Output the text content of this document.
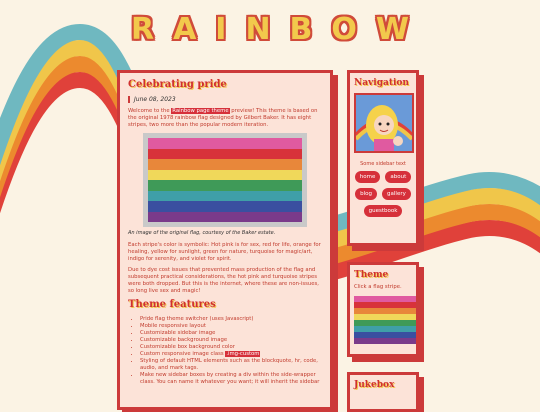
RAINBOW
Celebrating pride
June 08, 2023

Welcome to the Rainbow page theme preview! This theme is based on the original 1978 rainbow flag designed by Gilbert Baker. It has eight stripes, two more than the popular modern iteration.

An image of the original flag, courtesy of the Baker estate.

Each stripe's color is symbolic: Hot pink is for sex, red for life, orange for healing, yellow for sunlight, green for nature, turquoise for magic/art, indigo for serenity, and violet for spirit.

Due to dye cost issues that prevented mass production of the flag and subsequent practical considerations, the hot pink and turquoise stripes were both dropped. But this is the internet, where these are non-issues, so long live sex and magic!

Theme features
• Pride flag theme switcher (uses Javascript)
• Mobile responsive layout
• Customizable sidebar image
• Customizable background image
• Customizable box background color
• Custom responsive image class .img-custom
• Styling of default HTML elements such as the blockquote, hr, code, audio, and mark tags.
• Make new sidebar boxes by creating a div within the side-wrapper class. You can name it whatever you want; it will inherit the sidebar
Navigation
Some sidebar text
home	about
blog	gallery
guestbook
Theme
Click a flag stripe.
Jukebox
